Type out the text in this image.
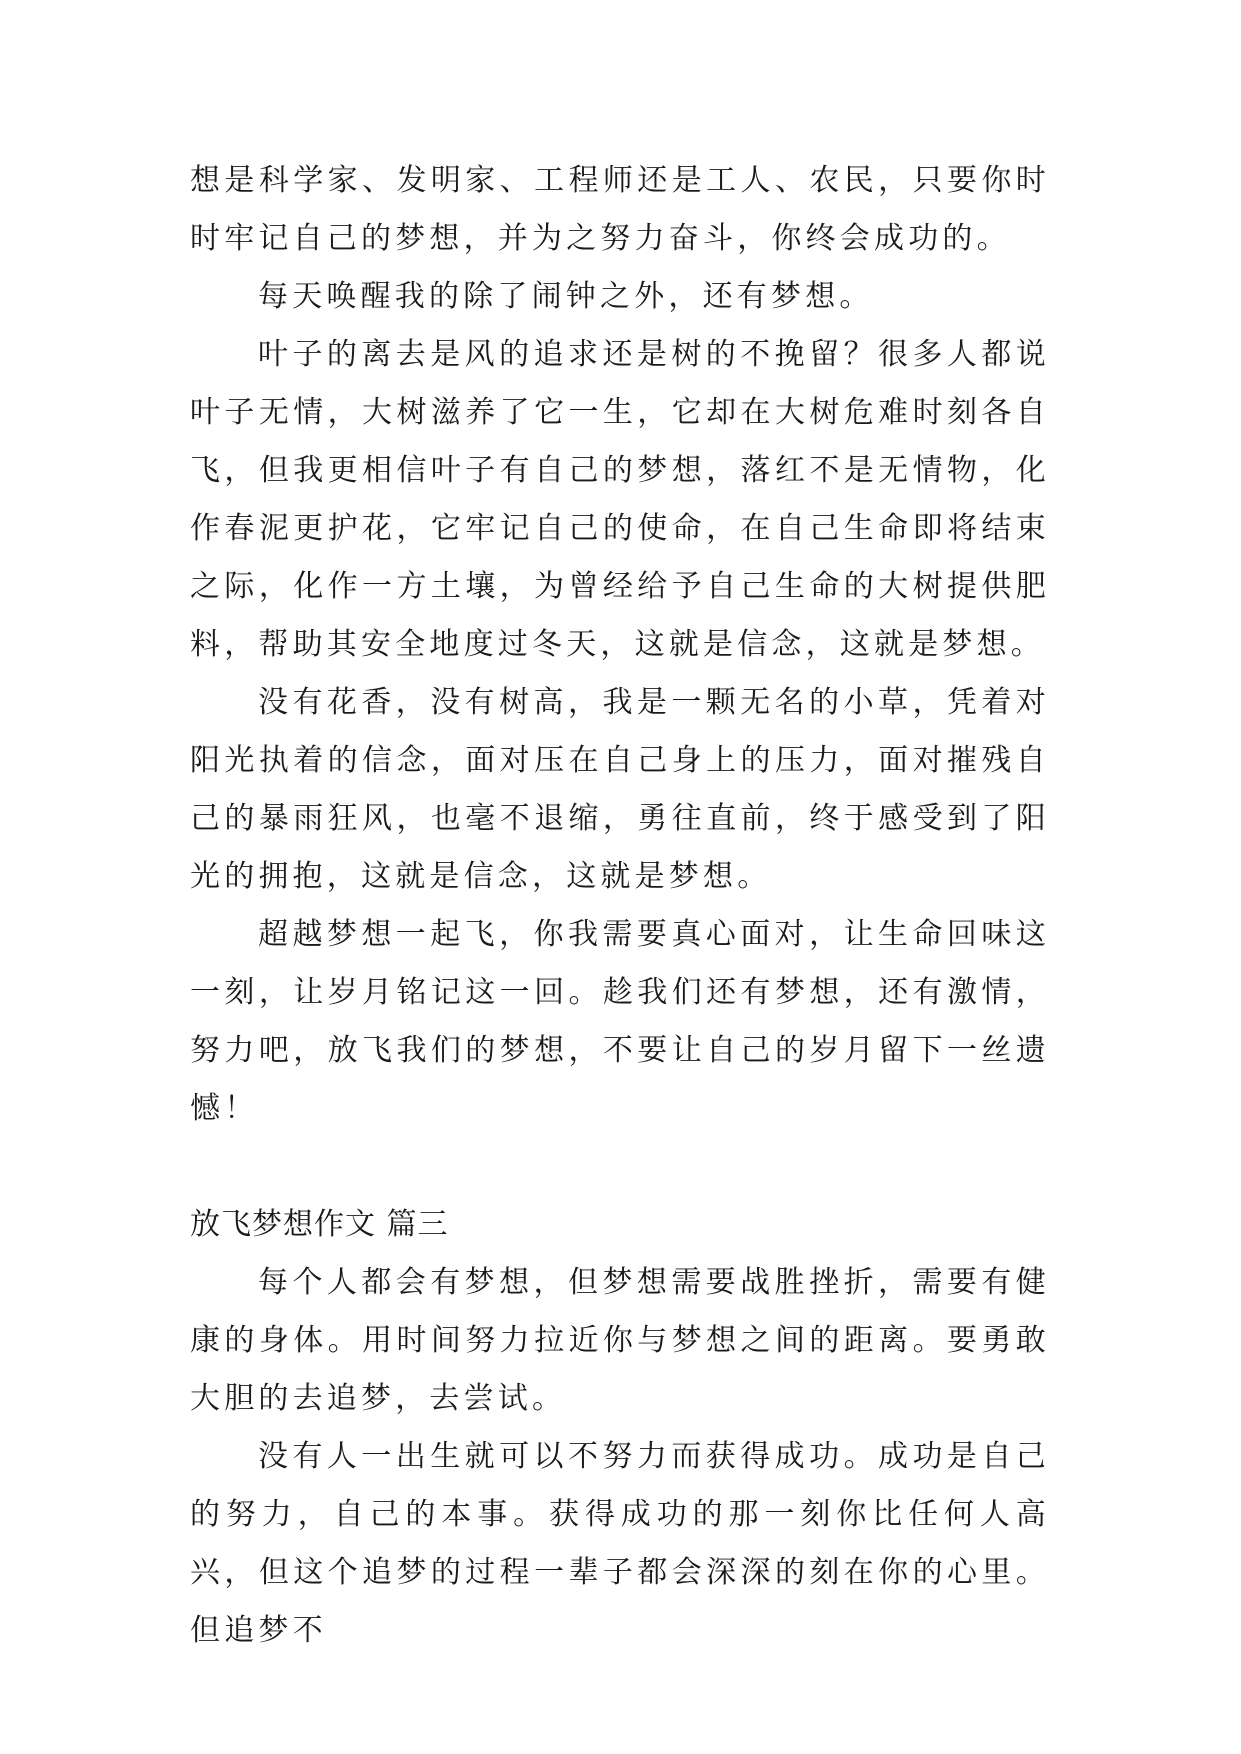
想是科学家、发明家、工程师还是工人、农民，只要你时时牢记自己的梦想，并为之努力奋斗，你终会成功的。

每天唤醒我的除了闹钟之外，还有梦想。

叶子的离去是风的追求还是树的不挽留？很多人都说叶子无情，大树滋养了它一生，它却在大树危难时刻各自飞，但我更相信叶子有自己的梦想，落红不是无情物，化作春泥更护花，它牢记自己的使命，在自己生命即将结束之际，化作一方土壤，为曾经给予自己生命的大树提供肥料，帮助其安全地度过冬天，这就是信念，这就是梦想。

没有花香，没有树高，我是一颗无名的小草，凭着对阳光执着的信念，面对压在自己身上的压力，面对摧残自己的暴雨狂风，也毫不退缩，勇往直前，终于感受到了阳光的拥抱，这就是信念，这就是梦想。

超越梦想一起飞，你我需要真心面对，让生命回味这一刻，让岁月铭记这一回。趁我们还有梦想，还有激情，努力吧，放飞我们的梦想，不要让自己的岁月留下一丝遗憾！

放飞梦想作文 篇三

每个人都会有梦想，但梦想需要战胜挫折，需要有健康的身体。用时间努力拉近你与梦想之间的距离。要勇敢大胆的去追梦，去尝试。

没有人一出生就可以不努力而获得成功。成功是自己的努力，自己的本事。获得成功的那一刻你比任何人高兴，但这个追梦的过程一辈子都会深深的刻在你的心里。但追梦不
